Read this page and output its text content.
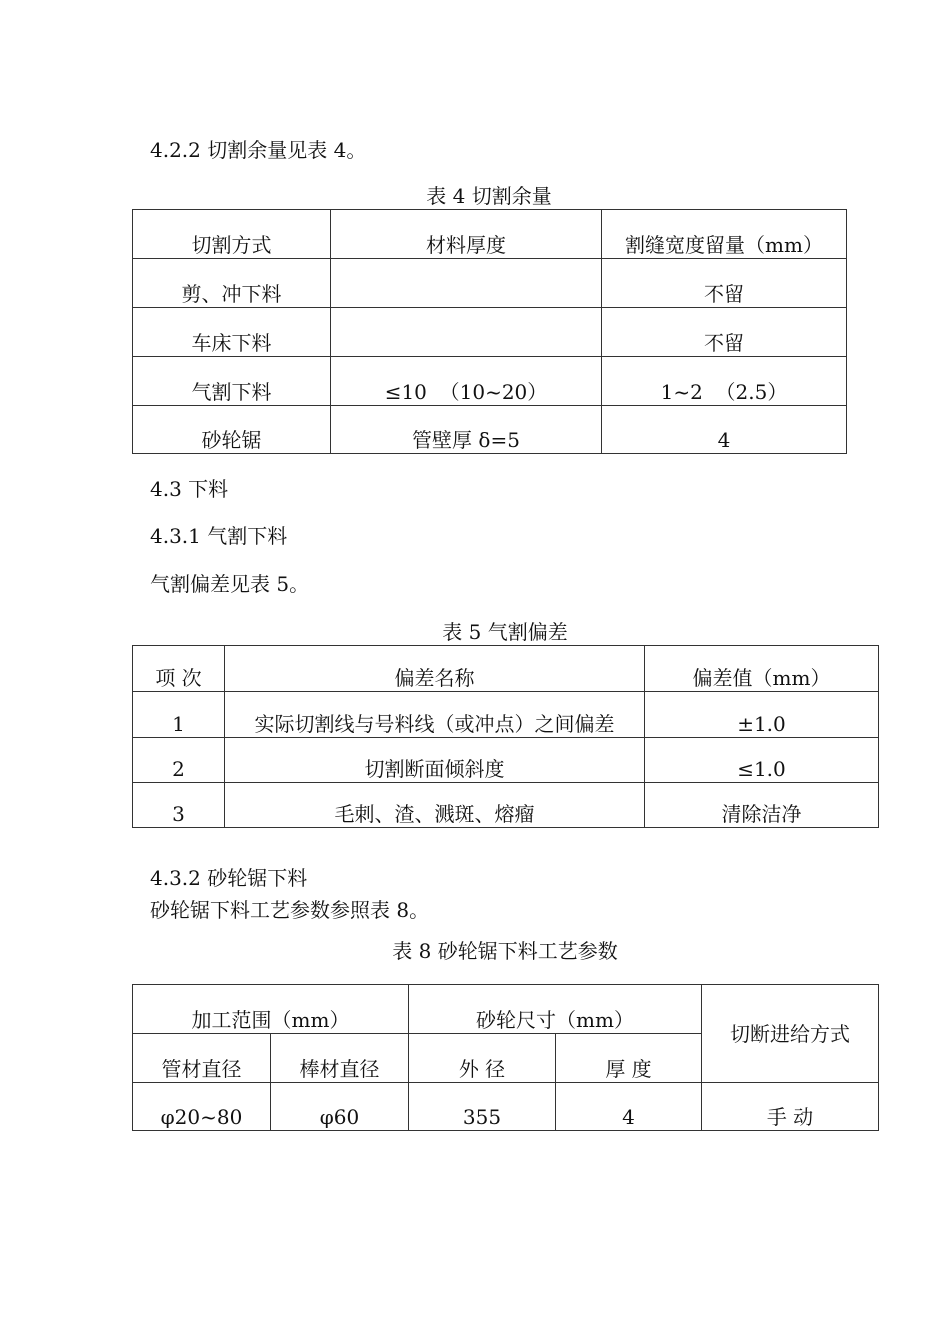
4.2.2 切割余量见表 4。
表 4 切割余量
切割方式	材料厚度	割缝宽度留量（mm）
剪、冲下料		不留
车床下料		不留
气割下料	≤10  （10~20）	1~2  （2.5）
砂轮锯	管壁厚 δ=5	4
4.3 下料
4.3.1 气割下料
气割偏差见表 5。
表 5 气割偏差
项 次	偏差名称	偏差值（mm）
1	实际切割线与号料线（或冲点）之间偏差	±1.0
2	切割断面倾斜度	≤1.0
3	毛刺、渣、溅斑、熔瘤	清除洁净
4.3.2 砂轮锯下料
砂轮锯下料工艺参数参照表 8。
表 8 砂轮锯下料工艺参数
加工范围（mm）		砂轮尺寸（mm）		切断进给方式
管材直径	棒材直径	外 径	厚 度	
φ20~80	φ60	355	4	手 动
